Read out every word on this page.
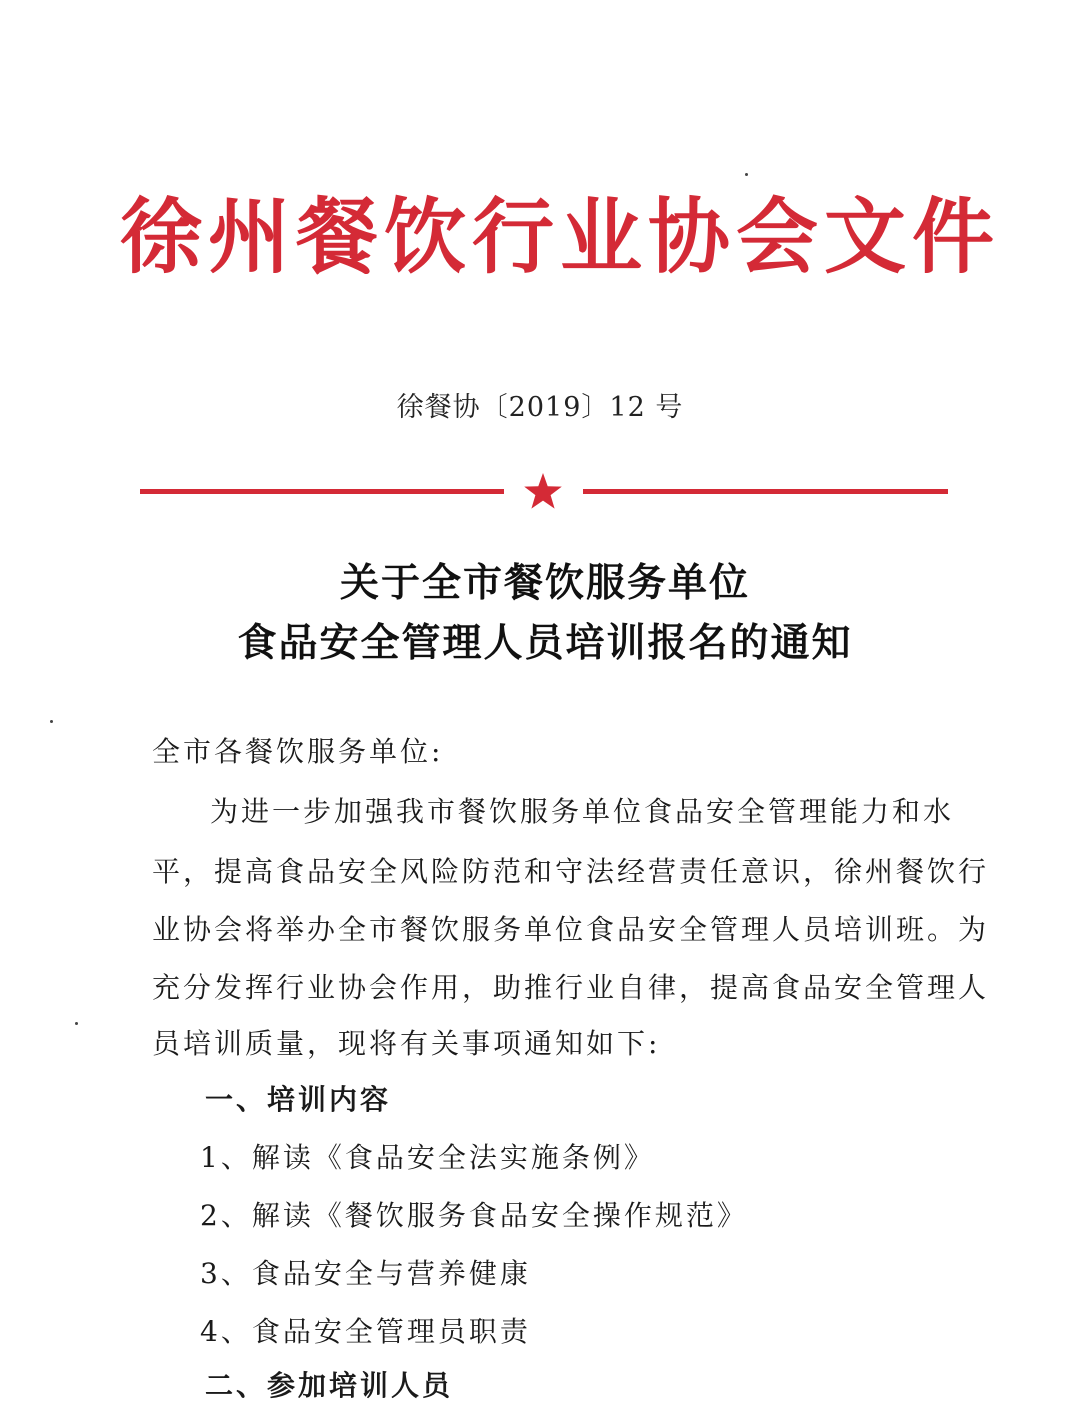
徐州餐饮行业协会文件
徐餐协〔2019〕12 号
关于全市餐饮服务单位
食品安全管理人员培训报名的通知
全市各餐饮服务单位:
为进一步加强我市餐饮服务单位食品安全管理能力和水
平，提高食品安全风险防范和守法经营责任意识，徐州餐饮行
业协会将举办全市餐饮服务单位食品安全管理人员培训班。为
充分发挥行业协会作用，助推行业自律，提高食品安全管理人
员培训质量，现将有关事项通知如下:
一、培训内容
1、解读《食品安全法实施条例》
2、解读《餐饮服务食品安全操作规范》
3、食品安全与营养健康
4、食品安全管理员职责
二、参加培训人员
